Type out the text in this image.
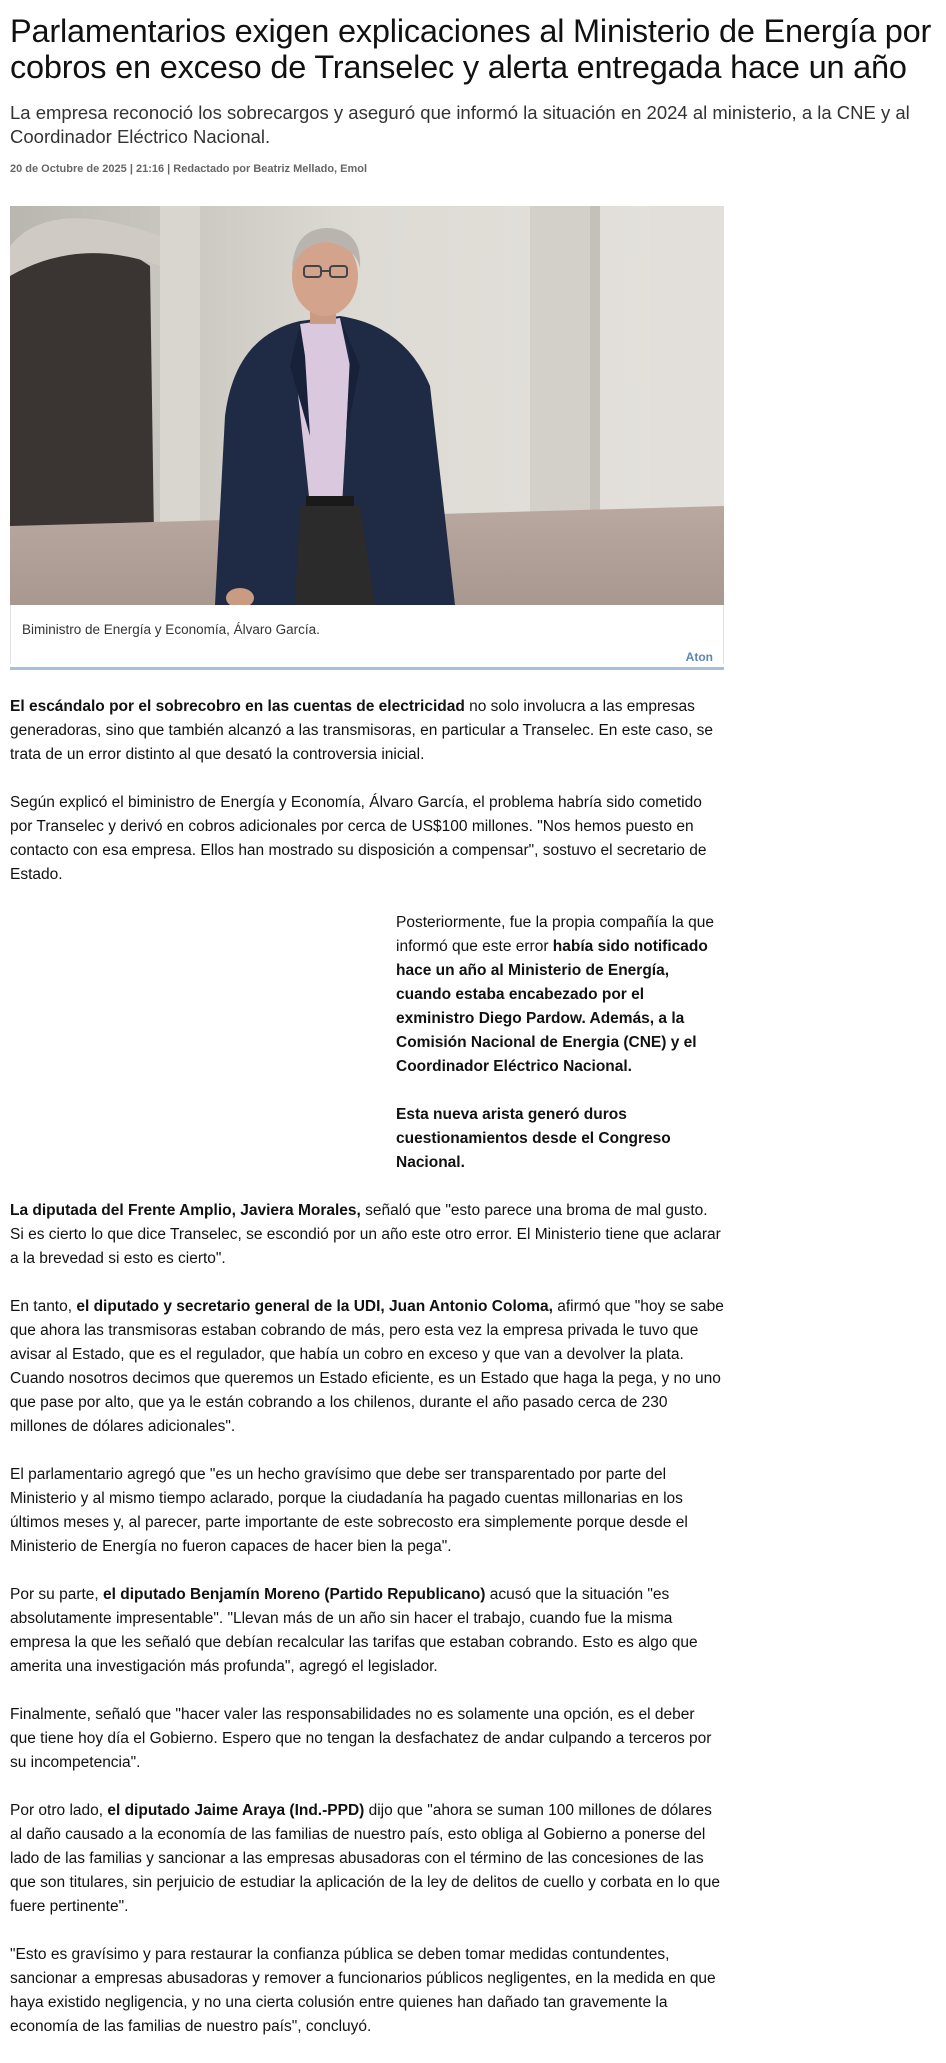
Parlamentarios exigen explicaciones al Ministerio de Energía por cobros en exceso de Transelec y alerta entregada hace un año
La empresa reconoció los sobrecargos y aseguró que informó la situación en 2024 al ministerio, a la CNE y al Coordinador Eléctrico Nacional.
20 de Octubre de 2025 | 21:16 | Redactado por Beatriz Mellado, Emol
Biministro de Energía y Economía, Álvaro García.
Aton

El escándalo por el sobrecobro en las cuentas de electricidad no solo involucra a las empresas generadoras, sino que también alcanzó a las transmisoras, en particular a Transelec. En este caso, se trata de un error distinto al que desató la controversia inicial.

Según explicó el biministro de Energía y Economía, Álvaro García, el problema habría sido cometido por Transelec y derivó en cobros adicionales por cerca de US$100 millones. "Nos hemos puesto en contacto con esa empresa. Ellos han mostrado su disposición a compensar", sostuvo el secretario de Estado.

Posteriormente, fue la propia compañía la que informó que este error había sido notificado hace un año al Ministerio de Energía, cuando estaba encabezado por el exministro Diego Pardow. Además, a la Comisión Nacional de Energia (CNE) y el Coordinador Eléctrico Nacional.

Esta nueva arista generó duros cuestionamientos desde el Congreso Nacional.

La diputada del Frente Amplio, Javiera Morales, señaló que "esto parece una broma de mal gusto. Si es cierto lo que dice Transelec, se escondió por un año este otro error. El Ministerio tiene que aclarar a la brevedad si esto es cierto".

En tanto, el diputado y secretario general de la UDI, Juan Antonio Coloma, afirmó que "hoy se sabe que ahora las transmisoras estaban cobrando de más, pero esta vez la empresa privada le tuvo que avisar al Estado, que es el regulador, que había un cobro en exceso y que van a devolver la plata. Cuando nosotros decimos que queremos un Estado eficiente, es un Estado que haga la pega, y no uno que pase por alto, que ya le están cobrando a los chilenos, durante el año pasado cerca de 230 millones de dólares adicionales".

El parlamentario agregó que "es un hecho gravísimo que debe ser transparentado por parte del Ministerio y al mismo tiempo aclarado, porque la ciudadanía ha pagado cuentas millonarias en los últimos meses y, al parecer, parte importante de este sobrecosto era simplemente porque desde el Ministerio de Energía no fueron capaces de hacer bien la pega".

Por su parte, el diputado Benjamín Moreno (Partido Republicano) acusó que la situación "es absolutamente impresentable". "Llevan más de un año sin hacer el trabajo, cuando fue la misma empresa la que les señaló que debían recalcular las tarifas que estaban cobrando. Esto es algo que amerita una investigación más profunda", agregó el legislador.

Finalmente, señaló que "hacer valer las responsabilidades no es solamente una opción, es el deber que tiene hoy día el Gobierno. Espero que no tengan la desfachatez de andar culpando a terceros por su incompetencia".

Por otro lado, el diputado Jaime Araya (Ind.-PPD) dijo que "ahora se suman 100 millones de dólares al daño causado a la economía de las familias de nuestro país, esto obliga al Gobierno a ponerse del lado de las familias y sancionar a las empresas abusadoras con el término de las concesiones de las que son titulares, sin perjuicio de estudiar la aplicación de la ley de delitos de cuello y corbata en lo que fuere pertinente".

"Esto es gravísimo y para restaurar la confianza pública se deben tomar medidas contundentes, sancionar a empresas abusadoras y remover a funcionarios públicos negligentes, en la medida en que haya existido negligencia, y no una cierta colusión entre quienes han dañado tan gravemente la economía de las familias de nuestro país", concluyó.
